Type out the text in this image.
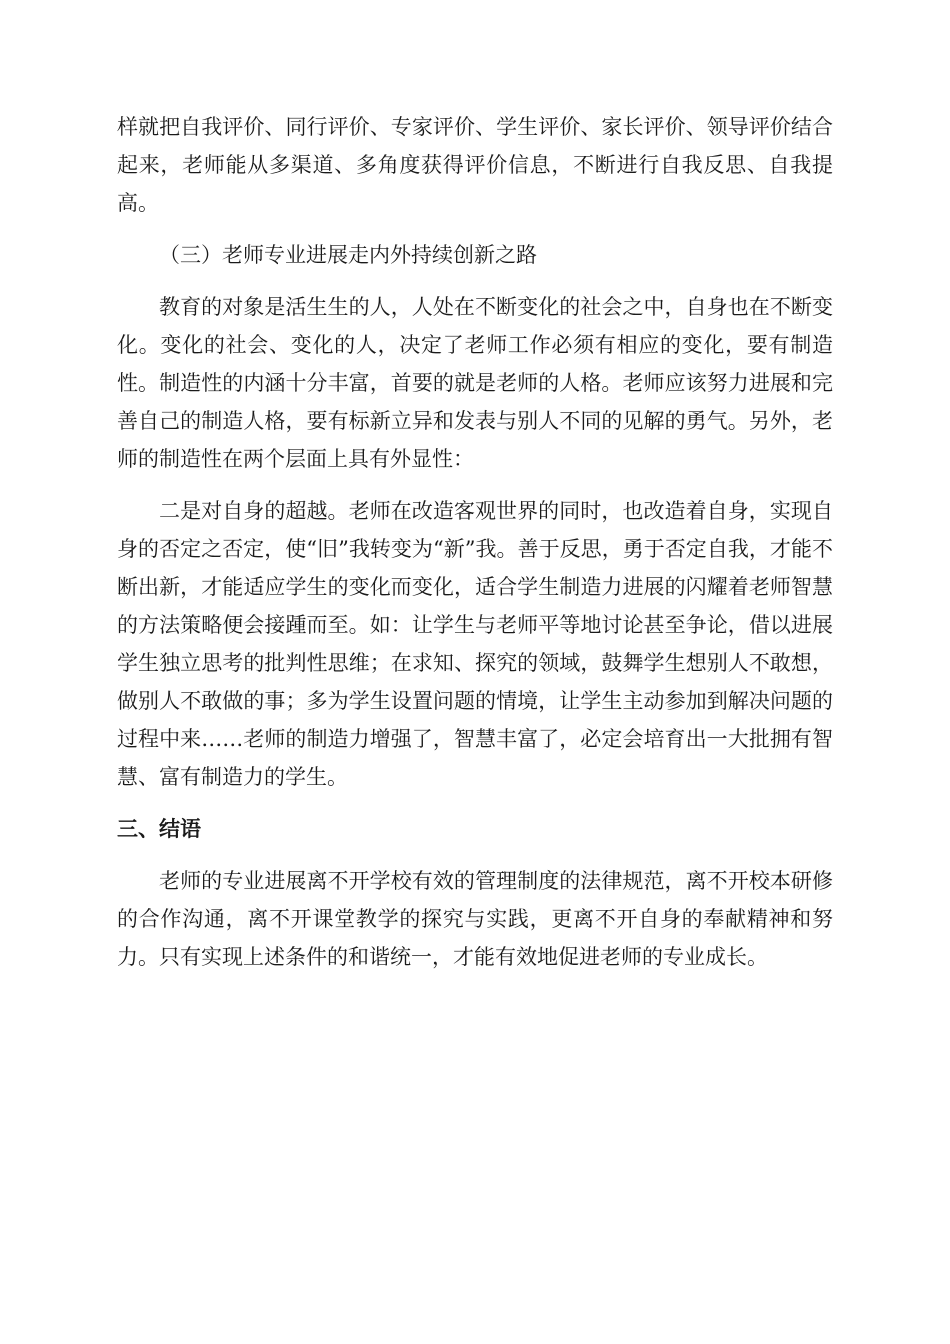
样就把自我评价、同行评价、专家评价、学生评价、家长评价、领导评价结合起来，老师能从多渠道、多角度获得评价信息，不断进行自我反思、自我提高。

（三）老师专业进展走内外持续创新之路

教育的对象是活生生的人，人处在不断变化的社会之中，自身也在不断变化。变化的社会、变化的人，决定了老师工作必须有相应的变化，要有制造性。制造性的内涵十分丰富，首要的就是老师的人格。老师应该努力进展和完善自己的制造人格，要有标新立异和发表与别人不同的见解的勇气。另外，老师的制造性在两个层面上具有外显性：

二是对自身的超越。老师在改造客观世界的同时，也改造着自身，实现自身的否定之否定，使“旧”我转变为“新”我。善于反思，勇于否定自我，才能不断出新，才能适应学生的变化而变化，适合学生制造力进展的闪耀着老师智慧的方法策略便会接踵而至。如：让学生与老师平等地讨论甚至争论，借以进展学生独立思考的批判性思维；在求知、探究的领域，鼓舞学生想别人不敢想，做别人不敢做的事；多为学生设置问题的情境，让学生主动参加到解决问题的过程中来……老师的制造力增强了，智慧丰富了，必定会培育出一大批拥有智慧、富有制造力的学生。

三、结语

老师的专业进展离不开学校有效的管理制度的法律规范，离不开校本研修的合作沟通，离不开课堂教学的探究与实践，更离不开自身的奉献精神和努力。只有实现上述条件的和谐统一，才能有效地促进老师的专业成长。
